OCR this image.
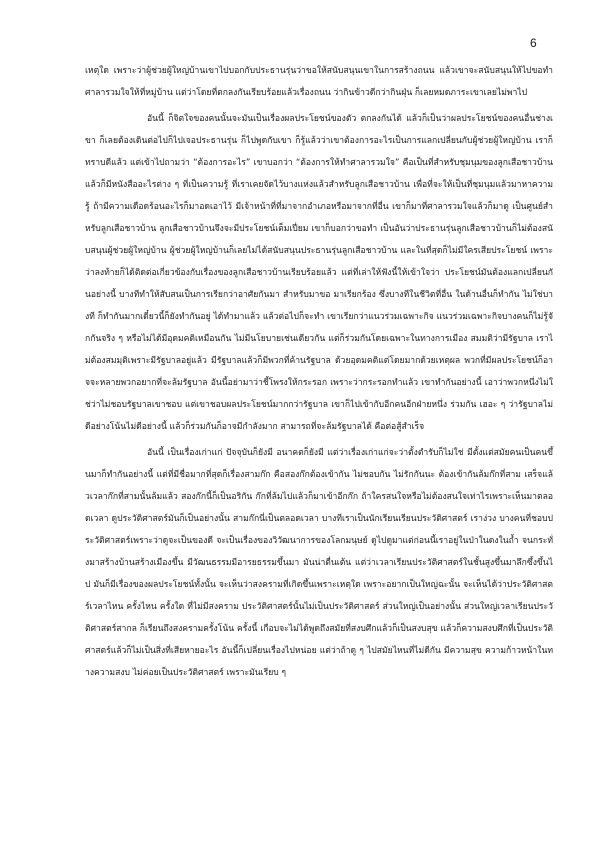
6

เหตุใด เพราะว่าผู้ช่วยผู้ใหญ่บ้านเขาไปบอกกับประธานรุ่นว่าขอให้สนับสนุนเขาในการสร้างถนน แล้วเขาจะสนับสนุนให้ไปขอทำศาลารวมใจให้ที่หมู่บ้าน แต่ว่าโดยที่ตกลงกันเรียบร้อยแล้วเรื่องถนน ว่ากินข้าวดีกว่ากินฝุ่น ก็เลยหมดภาระเขาเลยไม่พาไป

อันนี้ ก็จิตใจของคนนั้นจะมันเป็นเรื่องผลประโยชน์ของตัว ตกลงกันได้ แล้วก็เป็นว่าผลประโยชน์ของคนอื่นช่างเขา ก็เลยต้องเดินต่อไปก็ไปเจอประธานรุ่น ก็ไปพูดกับเขา ก็รู้แล้วว่าเขาต้องการอะไรเป็นการแลกเปลี่ยนกับผู้ช่วยผู้ใหญ่บ้าน เราก็ทราบดีแล้ว แต่เข้าไปถามว่า “ต้องการอะไร” เขาบอกว่า “ต้องการให้ทำศาลารวมใจ” คือเป็นที่สำหรับชุมนุมของลูกเสือชาวบ้าน แล้วก็มีหนังสืออะไรต่าง ๆ ที่เป็นความรู้ ที่เราเคยจัดไว้บางแห่งแล้วสำหรับลูกเสือชาวบ้าน เพื่อที่จะให้เป็นที่ชุมนุมแล้วมาหาความรู้ ถ้ามีความเดือดร้อนอะไรก็มาอดเอาไว้ มีเจ้าหน้าที่ที่มาจากอำเภอหรือมาจากที่อื่น เขาก็มาที่ศาลารวมใจแล้วก็มาดู เป็นศูนย์สำหรับลูกเสือชาวบ้าน ลูกเสือชาวบ้านจึงจะมีประโยชน์เต็มเปี่ยม เขาก็บอกว่าขอทำ เป็นอันว่าประธานรุ่นลูกเสือชาวบ้านก็ไม่ต้องสนับสนุนผู้ช่วยผู้ใหญ่บ้าน ผู้ช่วยผู้ใหญ่บ้านก็เลยไม่ได้สนับสนุนประธานรุ่นลูกเสือชาวบ้าน และในที่สุดก็ไม่มีใครเสียประโยชน์ เพราะว่าลงท้ายก็ได้ติดต่อเกี่ยวข้องกับเรื่องของลูกเสือชาวบ้านเรียบร้อยแล้ว แต่ที่เล่าให้ฟังนี้ให้เข้าใจว่า ประโยชน์มันต้องแลกเปลี่ยนกันอย่างนี้ บางทีทำให้สับสนเป็นการเรียกว่าอาศัยกันมา สำหรับมาขอ มาเรียกร้อง ซึ่งบางทีในชีวิตที่อื่น ในด้านอื่นก็ทำกัน ไม่ใช่บางที ก็ทำกันมากเดี๋ยวนี้ก็ยังทำกันอยู่ ได้ทำมาแล้ว แล้วต่อไปก็จะทำ เขาเรียกว่าแนวร่วมเฉพาะกิจ แนวร่วมเฉพาะกิจบางคนก็ไม่รู้จักกันจริง ๆ หรือไม่ได้มีอุดมคติเหมือนกัน ไม่มีนโยบายเช่นเดียวกัน แต่ก็ร่วมกันโดยเฉพาะในทางการเมือง สมมติว่ามีรัฐบาล เราไม่ต้องสมมุติเพราะมีรัฐบาลอยู่แล้ว มีรัฐบาลแล้วก็มีพวกที่ค้านรัฐบาล ด้วยอุดมคติแต่โดยมากด้วยเหตุผล พวกที่มีผลประโยชน์ก็อาจจะหลายพวกอยากที่จะล้มรัฐบาล อันนี้อย่ามาว่าชี้โพรงให้กระรอก เพราะว่ากระรอกทำแล้ว เขาทำกันอย่างนี้ เอาว่าพวกหนึ่งไม่ใช่ว่าไม่ชอบรัฐบาลเขาชอบ แต่เขาชอบผลประโยชน์มากกว่ารัฐบาล เขาก็ไปเข้ากับอีกคนอีกฝ่ายหนึ่ง ร่วมกัน เฮอะ ๆ ว่ารัฐบาลไม่ดีอย่างโน้นไม่ดีอย่างนี้ แล้วก็ร่วมกันก็อาจมีกำลังมาก สามารถที่จะล้มรัฐบาลได้ คือต่อสู้สำเร็จ

อันนี้ เป็นเรื่องเก่าแก่ ปัจจุบันก็ยังมี อนาคตก็ยังมี แต่ว่าเรื่องเก่าแก่จะว่าตั้งตำรับก็ไม่ใช่ มีตั้งแต่สมัยคนเป็นคนขึ้นมาก็ทำกันอย่างนี้ แต่ที่มีชื่อมากที่สุดก็เรื่องสามก๊ก คือสองก๊กต้องเข้ากัน ไม่ชอบกัน ไม่รักกันนะ ต้องเข้ากันล้มก๊กที่สาม เสร็จแล้วเวลาก๊กที่สามนั้นล้มแล้ว สองก๊กนี้ก็เป็นอริกัน ก๊กที่ล้มไปแล้วก็มาเข้าอีกก๊ก ถ้าใครสนใจหรือไม่ต้องสนใจเท่าไรเพราะเห็นมาตลอดเวลา ดูประวัติศาสตร์มันก็เป็นอย่างนั้น สามก๊กนี่เป็นตลอดเวลา บางทีเราเป็นนักเรียนเรียนประวัติศาสตร์ เราง่วง บางคนที่ชอบประวัติศาสตร์เพราะว่าดูจะเป็นของดี จะเป็นเรื่องของวิวัฒนาการของโลกมนุษย์ ดูไปดูมาแต่ก่อนนี้เราอยู่ในป่าในดงในถ้ำ จนกระทั่งมาสร้างบ้านสร้างเมืองขึ้น มีวัฒนธรรมมีอารยธรรมขึ้นมา มันน่าตื่นเต้น แต่ว่าเวลาเรียนประวัติศาสตร์ในชั้นสูงขึ้นมาลึกซึ้งขึ้นไป มันก็มีเรื่องของผลประโยชน์ทั้งนั้น จะเห็นว่าสงครามที่เกิดขึ้นเพราะเหตุใด เพราะอยากเป็นใหญ่ฉะนั้น จะเห็นได้ว่าประวัติศาสตร์เวลาไหน ครั้งไหน ครั้งใด ที่ไม่มีสงคราม ประวัติศาสตร์นั้นไม่เป็นประวัติศาสตร์ ส่วนใหญ่เป็นอย่างนั้น ส่วนใหญ่เวลาเรียนประวัติศาสตร์สากล ก็เรียนถึงสงครามครั้งโน้น ครั้งนี้ เกือบจะไม่ได้พูดถึงสมัยที่สงบศึกแล้วก็เป็นสงบสุข แล้วก็ความสงบศึกที่เป็นประวัติศาสตร์แล้วก็ไม่เป็นสิ่งที่เสียหายอะไร อันนี้ก็เปลี่ยนเรื่องไปหน่อย แต่ว่าถ้าดู ๆ ไปสมัยไหนที่ไม่ดีกัน มีความสุข ความก้าวหน้าในทางความสงบ ไม่ค่อยเป็นประวัติศาสตร์ เพราะมันเรียบ ๆ
